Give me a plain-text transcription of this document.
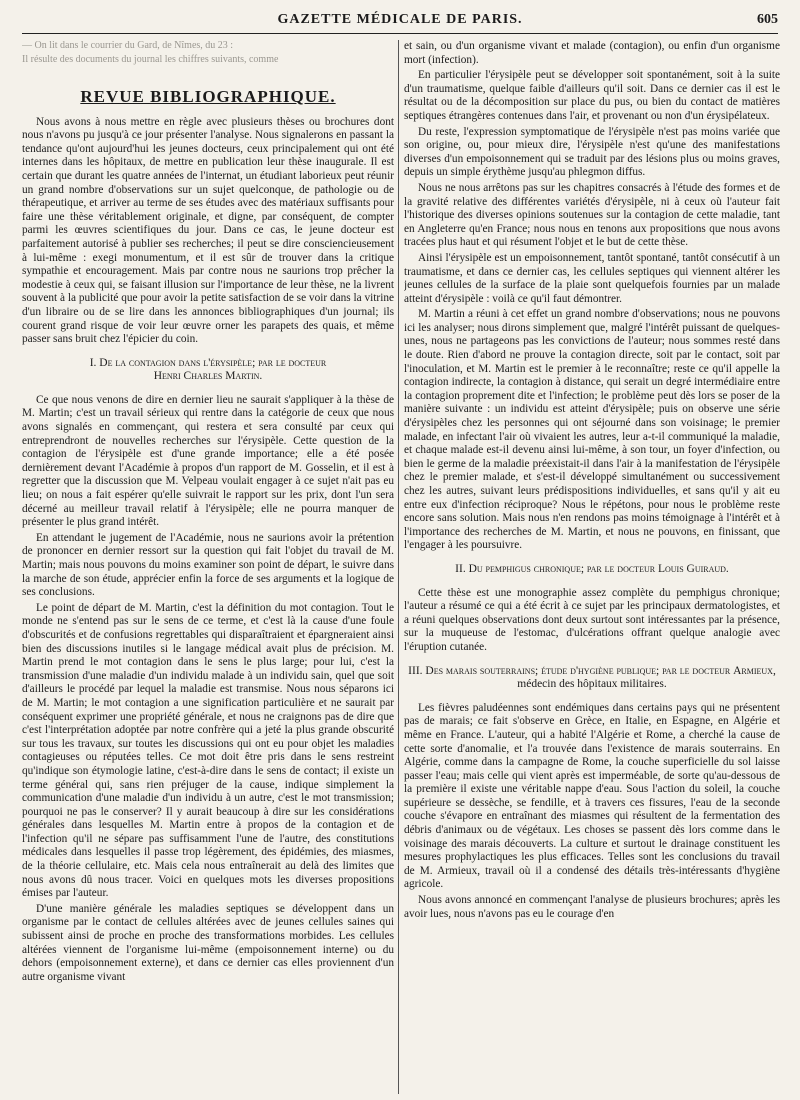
GAZETTE MÉDICALE DE PARIS.	605
— On lit dans le courrier du Gard, de Nîmes, du 23 :
Il résulte des documents du journal les chiffres suivants, comme
REVUE BIBLIOGRAPHIQUE.

Nous avons à nous mettre en règle avec plusieurs thèses ou brochures dont nous n'avons pu jusqu'à ce jour présenter l'analyse. Nous signalerons en passant la tendance qu'ont aujourd'hui les jeunes docteurs, ceux principalement qui ont été internes dans les hôpitaux, de mettre en publication leur thèse inaugurale. Il est certain que durant les quatre années de l'internat, un étudiant laborieux peut réunir un grand nombre d'observations sur un sujet quelconque, de pathologie ou de thérapeutique, et arriver au terme de ses études avec des matériaux suffisants pour faire une thèse véritablement originale, et digne, par conséquent, de compter parmi les œuvres scientifiques du jour. Dans ce cas, le jeune docteur est parfaitement autorisé à publier ses recherches; il peut se dire consciencieusement à lui-même : exegi monumentum, et il est sûr de trouver dans la critique sympathie et encouragement. Mais par contre nous ne saurions trop prêcher la modestie à ceux qui, se faisant illusion sur l'importance de leur thèse, ne la livrent souvent à la publicité que pour avoir la petite satisfaction de se voir dans la vitrine d'un libraire ou de se lire dans les annonces bibliographiques d'un journal; ils courent grand risque de voir leur œuvre orner les parapets des quais, et même passer sans bruit chez l'épicier du coin.

I. De la contagion dans l'érysipèle; par le docteur
Henri Charles Martin.

Ce que nous venons de dire en dernier lieu ne saurait s'appliquer à la thèse de M. Martin; c'est un travail sérieux qui rentre dans la catégorie de ceux que nous avons signalés en commençant, qui restera et sera consulté par ceux qui entreprendront de nouvelles recherches sur l'érysipèle. Cette question de la contagion de l'érysipèle est d'une grande importance; elle a été posée dernièrement devant l'Académie à propos d'un rapport de M. Gosselin, et il est à regretter que la discussion que M. Velpeau voulait engager à ce sujet n'ait pas eu lieu; on nous a fait espérer qu'elle suivrait le rapport sur les prix, dont l'un sera décerné au meilleur travail relatif à l'érysipèle; elle ne pourra manquer de présenter le plus grand intérêt.

En attendant le jugement de l'Académie, nous ne saurions avoir la prétention de prononcer en dernier ressort sur la question qui fait l'objet du travail de M. Martin; mais nous pouvons du moins examiner son point de départ, le suivre dans la marche de son étude, apprécier enfin la force de ses arguments et la logique de ses conclusions.

Le point de départ de M. Martin, c'est la définition du mot contagion. Tout le monde ne s'entend pas sur le sens de ce terme, et c'est là la cause d'une foule d'obscurités et de confusions regrettables qui disparaîtraient et épargneraient ainsi bien des discussions inutiles si le langage médical avait plus de précision. M. Martin prend le mot contagion dans le sens le plus large; pour lui, c'est la transmission d'une maladie d'un individu malade à un individu sain, quel que soit d'ailleurs le procédé par lequel la maladie est transmise. Nous nous séparons ici de M. Martin; le mot contagion a une signification particulière et ne saurait par conséquent exprimer une propriété générale, et nous ne craignons pas de dire que c'est l'interprétation adoptée par notre confrère qui a jeté la plus grande obscurité sur tous les travaux, sur toutes les discussions qui ont eu pour objet les maladies contagieuses ou réputées telles. Ce mot doit être pris dans le sens restreint qu'indique son étymologie latine, c'est-à-dire dans le sens de contact; il existe un terme général qui, sans rien préjuger de la cause, indique simplement la communication d'une maladie d'un individu à un autre, c'est le mot transmission; pourquoi ne pas le conserver? Il y aurait beaucoup à dire sur les considérations générales dans lesquelles M. Martin entre à propos de la contagion et de l'infection qu'il ne sépare pas suffisamment l'une de l'autre, des constitutions médicales dans lesquelles il passe trop légèrement, des épidémies, des miasmes, de la théorie cellulaire, etc. Mais cela nous entraînerait au delà des limites que nous avons dû nous tracer. Voici en quelques mots les diverses propositions émises par l'auteur.

D'une manière générale les maladies septiques se développent dans un organisme par le contact de cellules altérées avec de jeunes cellules saines qui subissent ainsi de proche en proche des transformations morbides. Les cellules altérées viennent de l'organisme lui-même (empoisonnement interne) ou du dehors (empoisonnement externe), et dans ce dernier cas elles proviennent d'un autre organisme vivant

et sain, ou d'un organisme vivant et malade (contagion), ou enfin d'un organisme mort (infection).

En particulier l'érysipèle peut se développer soit spontanément, soit à la suite d'un traumatisme, quelque faible d'ailleurs qu'il soit. Dans ce dernier cas il est le résultat ou de la décomposition sur place du pus, ou bien du contact de matières septiques étrangères contenues dans l'air, et provenant ou non d'un érysipélateux.

Du reste, l'expression symptomatique de l'érysipèle n'est pas moins variée que son origine, ou, pour mieux dire, l'érysipèle n'est qu'une des manifestations diverses d'un empoisonnement qui se traduit par des lésions plus ou moins graves, depuis un simple érythème jusqu'au phlegmon diffus.

Nous ne nous arrêtons pas sur les chapitres consacrés à l'étude des formes et de la gravité relative des différentes variétés d'érysipèle, ni à ceux où l'auteur fait l'historique des diverses opinions soutenues sur la contagion de cette maladie, tant en Angleterre qu'en France; nous nous en tenons aux propositions que nous avons tracées plus haut et qui résument l'objet et le but de cette thèse.

Ainsi l'érysipèle est un empoisonnement, tantôt spontané, tantôt consécutif à un traumatisme, et dans ce dernier cas, les cellules septiques qui viennent altérer les jeunes cellules de la surface de la plaie sont quelquefois fournies par un malade atteint d'érysipèle : voilà ce qu'il faut démontrer.

M. Martin a réuni à cet effet un grand nombre d'observations; nous ne pouvons ici les analyser; nous dirons simplement que, malgré l'intérêt puissant de quelques-unes, nous ne partageons pas les convictions de l'auteur; nous sommes resté dans le doute. Rien d'abord ne prouve la contagion directe, soit par le contact, soit par l'inoculation, et M. Martin est le premier à le reconnaître; reste ce qu'il appelle la contagion indirecte, la contagion à distance, qui serait un degré intermédiaire entre la contagion proprement dite et l'infection; le problème peut dès lors se poser de la manière suivante : un individu est atteint d'érysipèle; puis on observe une série d'érysipèles chez les personnes qui ont séjourné dans son voisinage; le premier malade, en infectant l'air où vivaient les autres, leur a-t-il communiqué la maladie, et chaque malade est-il devenu ainsi lui-même, à son tour, un foyer d'infection, ou bien le germe de la maladie préexistait-il dans l'air à la manifestation de l'érysipèle chez le premier malade, et s'est-il développé simultanément ou successivement chez les autres, suivant leurs prédispositions individuelles, et sans qu'il y ait eu entre eux d'infection réciproque? Nous le répétons, pour nous le problème reste encore sans solution. Mais nous n'en rendons pas moins témoignage à l'intérêt et à l'importance des recherches de M. Martin, et nous ne pouvons, en finissant, que l'engager à les poursuivre.

II. Du pemphigus chronique; par le docteur Louis Guiraud.

Cette thèse est une monographie assez complète du pemphigus chronique; l'auteur a résumé ce qui a été écrit à ce sujet par les principaux dermatologistes, et a réuni quelques observations dont deux surtout sont intéressantes par la présence, sur la muqueuse de l'estomac, d'ulcérations offrant quelque analogie avec l'éruption cutanée.

III. Des marais souterrains; étude d'hygiène publique; par le docteur Armieux, médecin des hôpitaux militaires.

Les fièvres paludéennes sont endémiques dans certains pays qui ne présentent pas de marais; ce fait s'observe en Grèce, en Italie, en Espagne, en Algérie et même en France. L'auteur, qui a habité l'Algérie et Rome, a cherché la cause de cette sorte d'anomalie, et l'a trouvée dans l'existence de marais souterrains. En Algérie, comme dans la campagne de Rome, la couche superficielle du sol laisse passer l'eau; mais celle qui vient après est imperméable, de sorte qu'au-dessous de la première il existe une véritable nappe d'eau. Sous l'action du soleil, la couche supérieure se dessèche, se fendille, et à travers ces fissures, l'eau de la seconde couche s'évapore en entraînant des miasmes qui résultent de la fermentation des débris d'animaux ou de végétaux. Les choses se passent dès lors comme dans le voisinage des marais découverts. La culture et surtout le drainage constituent les mesures prophylactiques les plus efficaces. Telles sont les conclusions du travail de M. Armieux, travail où il a condensé des détails très-intéressants d'hygiène agricole.

Nous avons annoncé en commençant l'analyse de plusieurs brochures; après les avoir lues, nous n'avons pas eu le courage d'en
